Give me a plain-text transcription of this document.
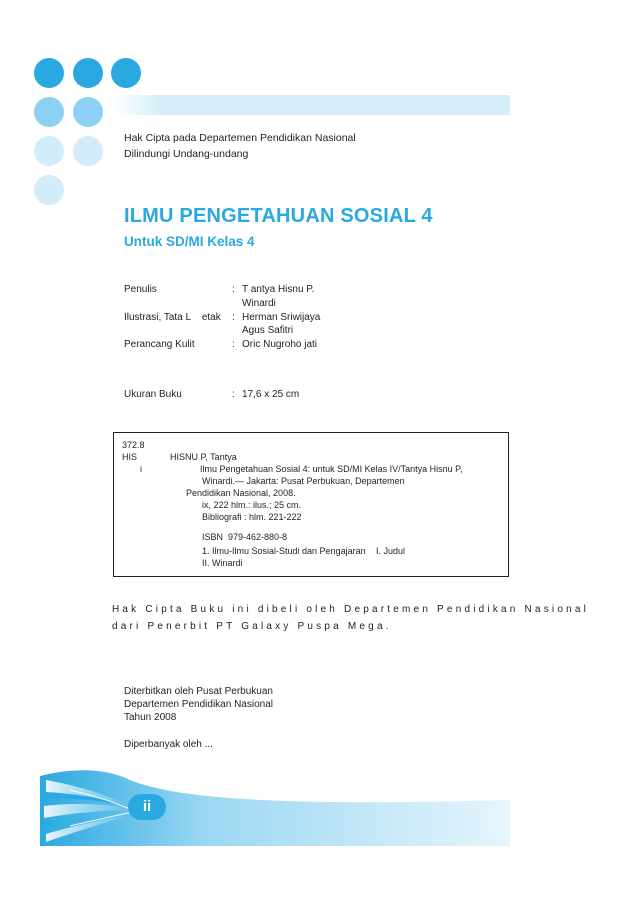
Hak Cipta pada Departemen Pendidikan Nasional
Dilindungi Undang-undang
ILMU PENGETAHUAN SOSIAL 4
Untuk SD/MI Kelas 4
Penulis	: T antya Hisnu P.
Winardi
Ilustrasi, Tata L    etak : Herman Sriwijaya
Agus Safitri
Perancang Kulit	: Oric Nugroho jati
Ukuran Buku	: 17,6 x 25 cm
372.8
HIS	HISNU P, Tantya
i	Ilmu Pengetahuan Sosial 4: untuk SD/MI Kelas IV/Tantya Hisnu P,
Winardi.— Jakarta: Pusat Perbukuan, Departemen
Pendidikan Nasional, 2008.
ix, 222 hlm.: ilus.; 25 cm.
Bibliografi : hlm. 221-222
ISBN  979-462-880-8
1. Ilmu-Ilmu Sosial-Studi dan Pengajaran I. Judul
II. Winardi
Hak Cipta Buku ini dibeli oleh Departemen Pendidikan Nasional
dari Penerbit PT Galaxy Puspa Mega.
Diterbitkan oleh Pusat Perbukuan
Departemen Pendidikan Nasional
Tahun 2008
Diperbanyak oleh ...
ii
